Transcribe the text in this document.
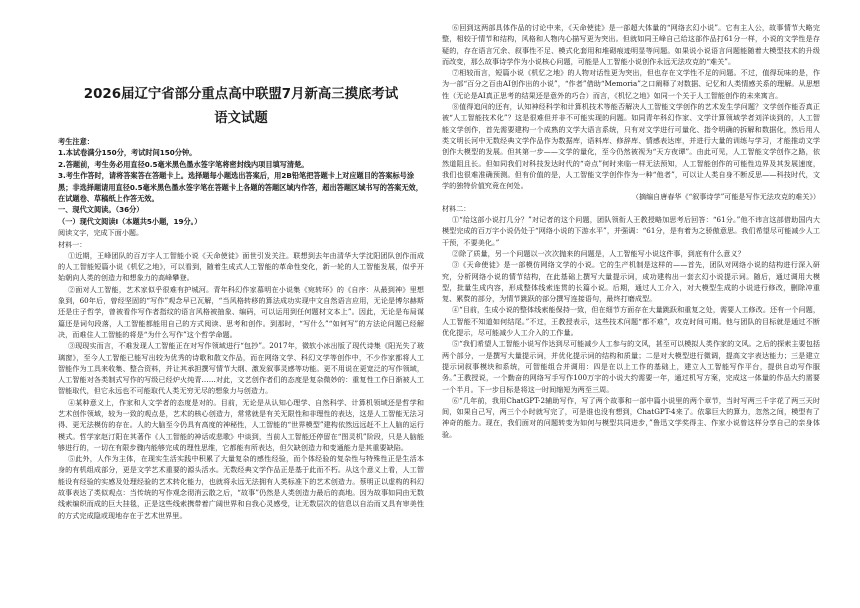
2026届辽宁省部分重点高中联盟7月新高三摸底考试
语文试题

考生注意：

1.本试卷满分150分，考试时间150分钟。

2.答题前，考生务必用直径0.5毫米黑色墨水签字笔将密封线内项目填写清楚。

3.考生作答时，请将答案答在答题卡上。选择题每小题选出答案后，用2B铅笔把答题卡上对应题目的答案标号涂黑；非选择题请用直径0.5毫米黑色墨水签字笔在答题卡上各题的答题区域内作答，超出答题区域书写的答案无效，在试题卷、草稿纸上作答无效。

一、现代文阅读。（36分）

（一）现代文阅读Ⅰ（本题共5小题，19分。）

阅读文字，完成下面小题。

材料一：

①近期，王峰团队的百万字人工智能小说《天命使徒》面世引发关注。联想到去年由清华大学沈阳团队创作而成的人工智能短篇小说《机忆之地》，可以看到，随着生成式人工智能的革命性变化，新一轮的人工智能发展，似乎开始朝向人类的创造力和想象力的高峰攀登。

②面对人工智能，艺术家似乎很难有护城河。青年科幻作家慕明在小说集《宛转环》的《自序：从最到神》里想象到，60年后，曾经坚固的“写作”观念早已瓦解，“当风格转移的算法成功实现中文自然语言应用，无论是博尔赫斯还是庄子哲学，曾被看作写作者指纹的语言风格被抽象、编码，可以运用到任何题材文本上”。因此，无论是布局谋篇还是词句段落，人工智能都能用自己的方式阅读、思考和创作。到那时，“写什么”“如何写”的方法论问题已经解决，而难住人工智能的将是“为什么写作”这个哲学命题。

③现现实而言，不难发现人工智能正在对写作领域进行“包抄”。2017年，微软小冰出版了现代诗集《阳光失了玻璃窗》，至今人工智能已能写出较为优秀的诗歌和散文作品，而在网络文学、科幻文学等创作中，不少作家都将人工智能作为工具来收集、整合资料，并让其承担撰写情节大纲、激发叙事灵感等功能。更不用说在更宽泛的写作领域，人工智能对各类制式写作的写级已经炉火纯青……对此，文艺创作者们的态度是复杂微妙的：重复性工作日渐被人工智能取代，但它永远也不可能取代人类无穷无尽的想象力与创造力。

④某种意义上，作家和人文学者的态度是对的。目前，无论是从认知心理学、自然科学、计算机领域还是哲学和艺术创作领域，较为一致的观点是，艺术的核心创造力，常常就是有关无限性和非理性的表达，这是人工智能无法习得、更无法模仿的存在。人的大脑至今仍具有高度的神秘性，人工智能的“世界模型”建构依然远远赶不上人脑的运行模式。哲学家赵汀阳在其著作《人工智能的神话或悲歌》中谈到，当前人工智能还停留在“图灵机”阶段，只是人脑能够进行的，一切在有限步骤内能够完成的理性思维，它都能有所表达，但欠缺创造力和变通能力是其重要缺陷。

⑤此外，人作为主体，在现实生活实践中积累了大量复杂的感性经验，而个体经验的复杂性与特殊性正是生活本身的有机组成部分，更是文学艺术重要的源头活水。无数经典文学作品正是基于此而不朽。从这个意义上看，人工智能设有经验的实感及处理经验的艺术转化能力，也就将永远无法拥有人类标准下的艺术创造力。蔡明正以虚构的科幻故事表达了类似观点：当传统的写作观念彻消云散之后，“故事”仍然是人类创造力最后的高地。因为故事如同由无数线索编织而成的巨大挂毯，正是这些线索携带着广阔世界和自我心灵感受，让无数层次的信息以自治而又具有审美性的方式完成隐或现地存在于艺术世界里。

⑥回到这两部具体作品的讨论中来，《天命使徒》是一部超大体量的“网络玄幻小说”。它有主人公，故事情节大略完整，相较于情节和结构，风格和人物内心描写更为突出。但就如同王峰自己给这部作品打61分一样，小说的文学性是存疑的，存在语言冗余、叙事性不足、模式化套用和堆砌痕迹明显等问题。如果说小说语言问题能随着大模型技术的升级而改变，那么故事诗学作为小说核心问题，可能是人工智能小说创作永远无法攻克的“难关”。

⑦相较而言，短篇小说《机忆之地》的人物对话性更为突出，但也存在文学性不足的问题。不过，值得玩味的是，作为一部“百分之百由AI创作出的小说”，“作者”借助“Memoria”之口阐释了对数据、记忆和人类情感关系的理解。从思想性（无论是AI真正思考的结果还是意外的巧合）而言，《机忆之地》如同一个关于人工智能创作的未来寓言。

⑧值得追问的还有，认知神经科学和计算机技术等能否解决人工智能文学创作的艺术发生学问题？文学创作能否真正被“人工智能技术化”？这是很难但并非不可能实现的问题。如同青年科幻作家、文学计算领域学者刘洋谈到的，人工智能文学创作，首先需要建构一个成熟的文学大语言系统，只有对文学进行可量化、指令明确的拆解和数据化，然后用人类文明长河中无数经典文学作品作为数据库，语料库、修辞库、情感表达库，并进行大量的训练与学习，才能推动文学创作大模型的发展。但其第一步——文学的量化，至今仍然被视为“天方夜谭”。由此可见，人工智能文学创作之路，依然道阻且长。但如同我们对科技发达时代的“奇点”何时来临一样无法预知，人工智能创作的可能性边界及其发展速度，我们也很难准确预测。但有价值的是，人工智能文学创作作为一种“他者”，可以让人类自身不断反思——科技时代，文学的独特价值究竟在何处。

（摘编自唐春华《“叙事诗学”可能是写作无法攻克的难关》）

材料二：

①“给这部小说打几分？”对记者的这个问题，团队领衔人王教授略加思考后回答：“61分。”他不讳言这部借助国内大模型完成的百万字小说仍处于“网络小说的下游水平”，并强调：“61分，是有着为之骄傲意思。我们希望尽可能减少人工干预，不要美化。”

②除了质量，另一个问题以一次次抛来的问题是，人工智能写小说这件事，到底有什么意义？

③《天命使徒》是一部模仿网络文学的小说。它的生产机制是这样的——首先，团队对网络小说的结构进行深入研究，分析网络小说的情节结构，在此基础上撰写大量提示词，成功建构出一套玄幻小说提示词。随后，通过调用大模型，批量生成内容，形成整体线索连贯的长篇小说。后期，通过人工介入，对大模型生成的小说进行修改，删除冲重复、累赘的部分，为情节跳跃的部分撰写连接语句，最终打磨成型。

④“目前，生成小说的整体线索能保持一致，但在细节方面存在大量跳跃和重复之处，需要人工修改。还有一个问题，人工智能不知道如何结尾。”不过，王教授表示，这些技术问题“都不难”，攻克时间可期。他与团队的目标就是通过不断优化提示，尽可能减少人工介入的工作量。

⑤“我们希望人工智能小说写作达到尽可能减少人工参与的文风，甚至可以模拟人类作家的文风。之后的探索主要包括两个部分，一是撰写大量提示词，并优化提示词的结构和质量；二是对大模型进行微调，提高文字表达能力；三是建立提示词叙事模块和系统，可智能组合并调用：四是在以上工作的基础上，建立人工智能写作平台，提供自动写作服务。”王教授说，一个勤奋的网络写手写作100万字的小说大约需要一年，通过机写方案，完成这一体量的作品大约需要一个半月。下一步目标是将这一时间缩短为两至三周。

⑥“几年前，我用ChatGPT-2辅助写作，写了两个故事和一部中篇小说里的两个章节，当时写两三千字花了两三天时间，如果自己写，两三个小时就写完了，可是谁也没有想到，ChatGPT-4来了。依靠巨大的算力，忽然之间，模型有了神奇的能力。现在，我们面对的问题转变为如何与模型共同进步，”鲁迅文学奖得主、作家小说曾这样分享自己的亲身体验。
